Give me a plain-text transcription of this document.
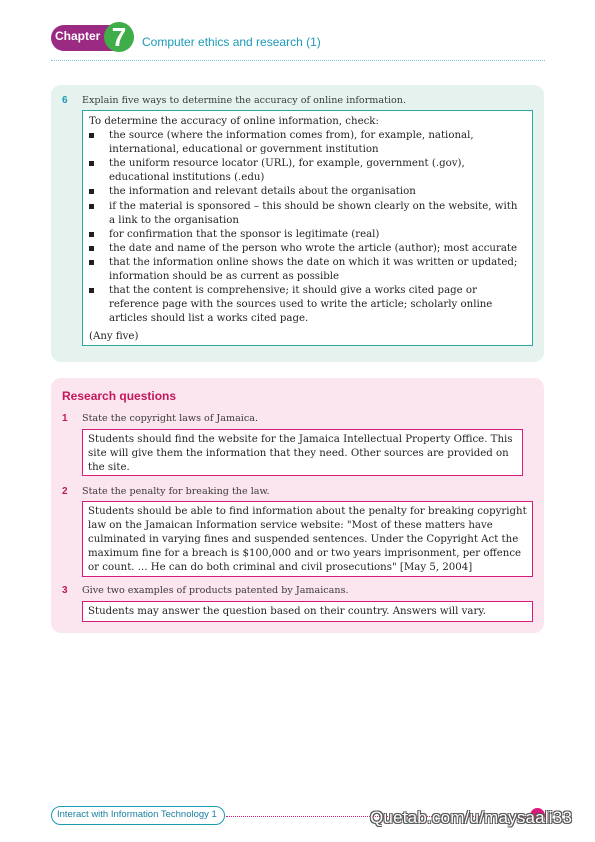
Chapter 7	Computer ethics and research (1)
6 Explain five ways to determine the accuracy of online information.

To determine the accuracy of online information, check:

the source (where the information comes from), for example, national, international, educational or government institution
the uniform resource locator (URL), for example, government (.gov), educational institutions (.edu)
the information and relevant details about the organisation
if the material is sponsored – this should be shown clearly on the website, with a link to the organisation
for confirmation that the sponsor is legitimate (real)
the date and name of the person who wrote the article (author); most accurate
that the information online shows the date on which it was written or updated; information should be as current as possible
that the content is comprehensive; it should give a works cited page or reference page with the sources used to write the article; scholarly online articles should list a works cited page.

(Any five)

Research questions
1 State the copyright laws of Jamaica.
Students should find the website for the Jamaica Intellectual Property Office. This site will give them the information that they need. Other sources are provided on the site.
2 State the penalty for breaking the law.
Students should be able to find information about the penalty for breaking copyright law on the Jamaican Information service website: "Most of these matters have culminated in varying fines and suspended sentences. Under the Copyright Act the maximum fine for a breach is $100,000 and or two years imprisonment, per offence or count. ... He can do both criminal and civil prosecutions" [May 5, 2004]
3 Give two examples of products patented by Jamaicans.
Students may answer the question based on their country. Answers will vary.
Interact with Information Technology 1	Quetab.com/u/maysaali33
